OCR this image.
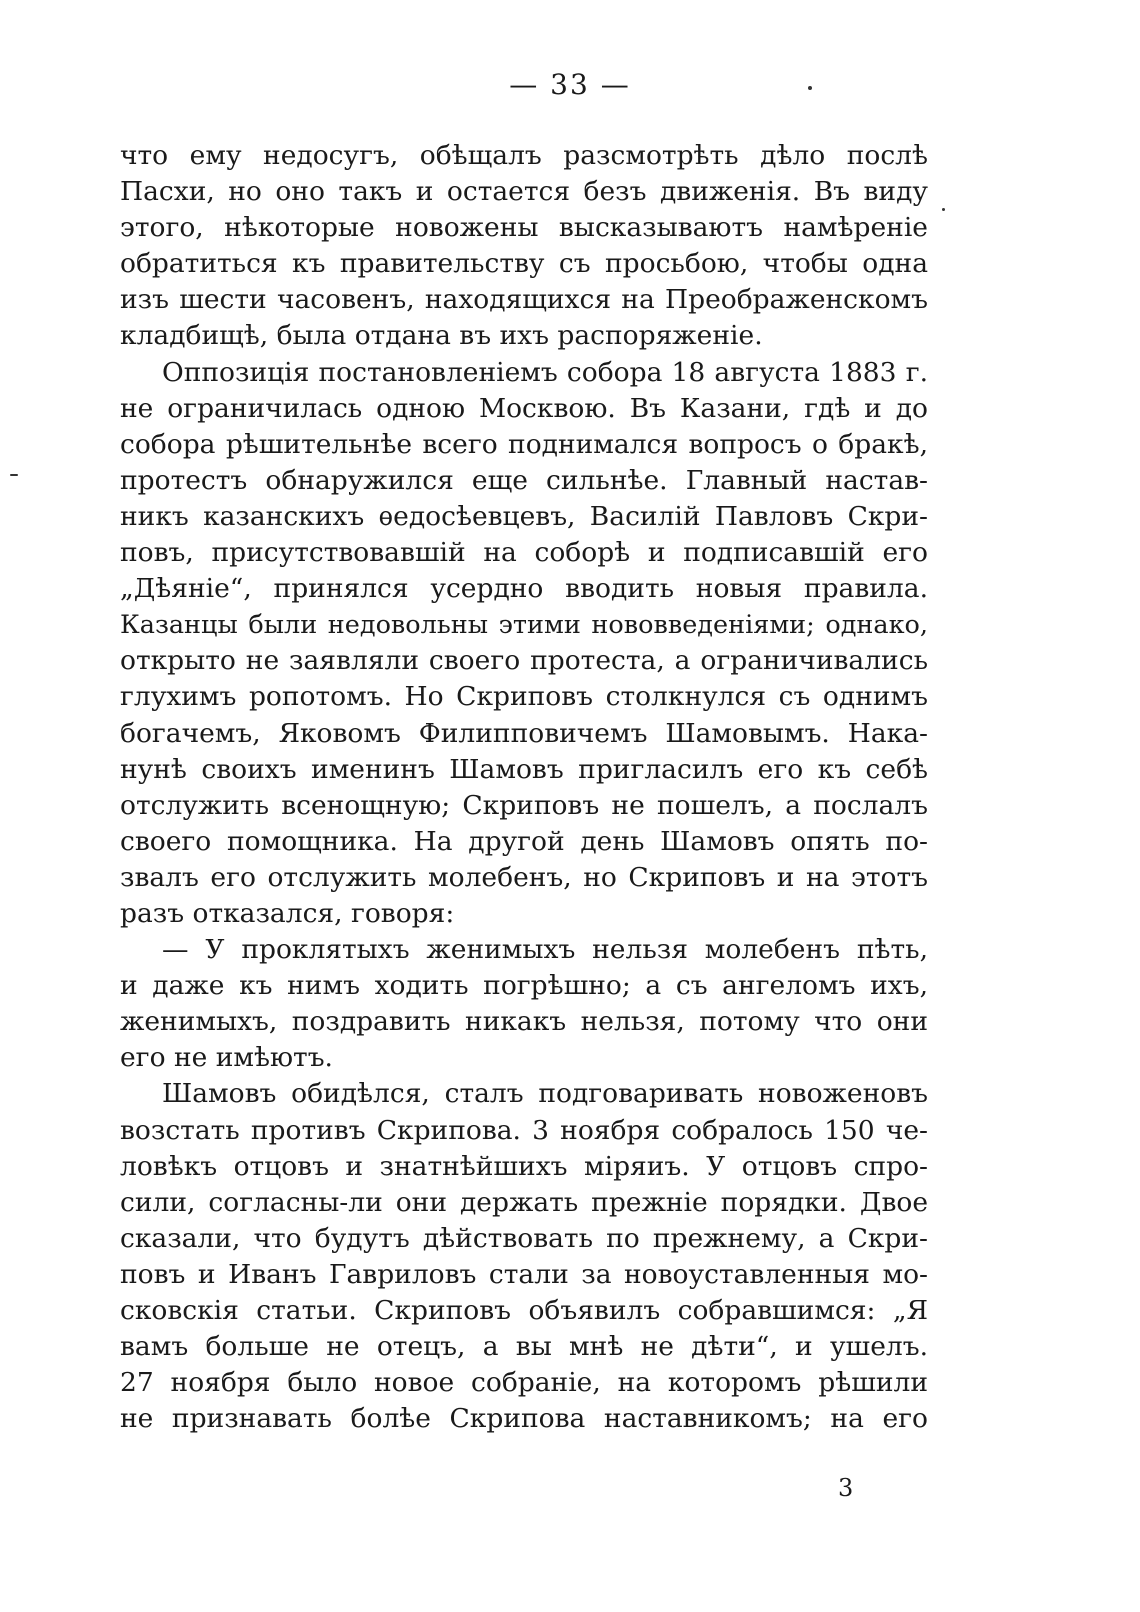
— 33 —
что ему недосугъ, обѣщалъ разсмотрѣть дѣло послѣ
Пасхи, но оно такъ и остается безъ движенія. Въ виду
этого, нѣкоторые новожены высказываютъ намѣреніе
обратиться къ правительству съ просьбою, чтобы одна
изъ шести часовенъ, находящихся на Преображенскомъ
кладбищѣ, была отдана въ ихъ распоряженіе.
Оппозиція постановленіемъ собора 18 августа 1883 г.
не ограничилась одною Москвою. Въ Казани, гдѣ и до
собора рѣшительнѣе всего поднимался вопросъ о бракѣ,
протестъ обнаружился еще сильнѣе. Главный настав-
никъ казанскихъ ѳедосѣевцевъ, Василій Павловъ Скри-
повъ, присутствовавшій на соборѣ и подписавшій его
„Дѣяніе“, принялся усердно вводить новыя правила.
Казанцы были недовольны этими нововведеніями; однако,
открыто не заявляли своего протеста, а ограничивались
глухимъ ропотомъ. Но Скриповъ столкнулся съ однимъ
богачемъ, Яковомъ Филипповичемъ Шамовымъ. Нака-
нунѣ своихъ именинъ Шамовъ пригласилъ его къ себѣ
отслужить всенощную; Скриповъ не пошелъ, а послалъ
своего помощника. На другой день Шамовъ опять по-
звалъ его отслужить молебенъ, но Скриповъ и на этотъ
разъ отказался, говоря:
— У проклятыхъ женимыхъ нельзя молебенъ пѣть,
и даже къ нимъ ходить погрѣшно; а съ ангеломъ ихъ,
женимыхъ, поздравить никакъ нельзя, потому что они
его не имѣютъ.
Шамовъ обидѣлся, сталъ подговаривать новоженовъ
возстать противъ Скрипова. 3 ноября собралось 150 че-
ловѣкъ отцовъ и знатнѣйшихъ міряиъ. У отцовъ спро-
сили, согласны-ли они держать прежніе порядки. Двое
сказали, что будутъ дѣйствовать по прежнему, а Скри-
повъ и Иванъ Гавриловъ стали за новоуставленныя мо-
сковскія статьи. Скриповъ объявилъ собравшимся: „Я
вамъ больше не отецъ, а вы мнѣ не дѣти“, и ушелъ.
27 ноября было новое собраніе, на которомъ рѣшили
не признавать болѣе Скрипова наставникомъ; на его
3
